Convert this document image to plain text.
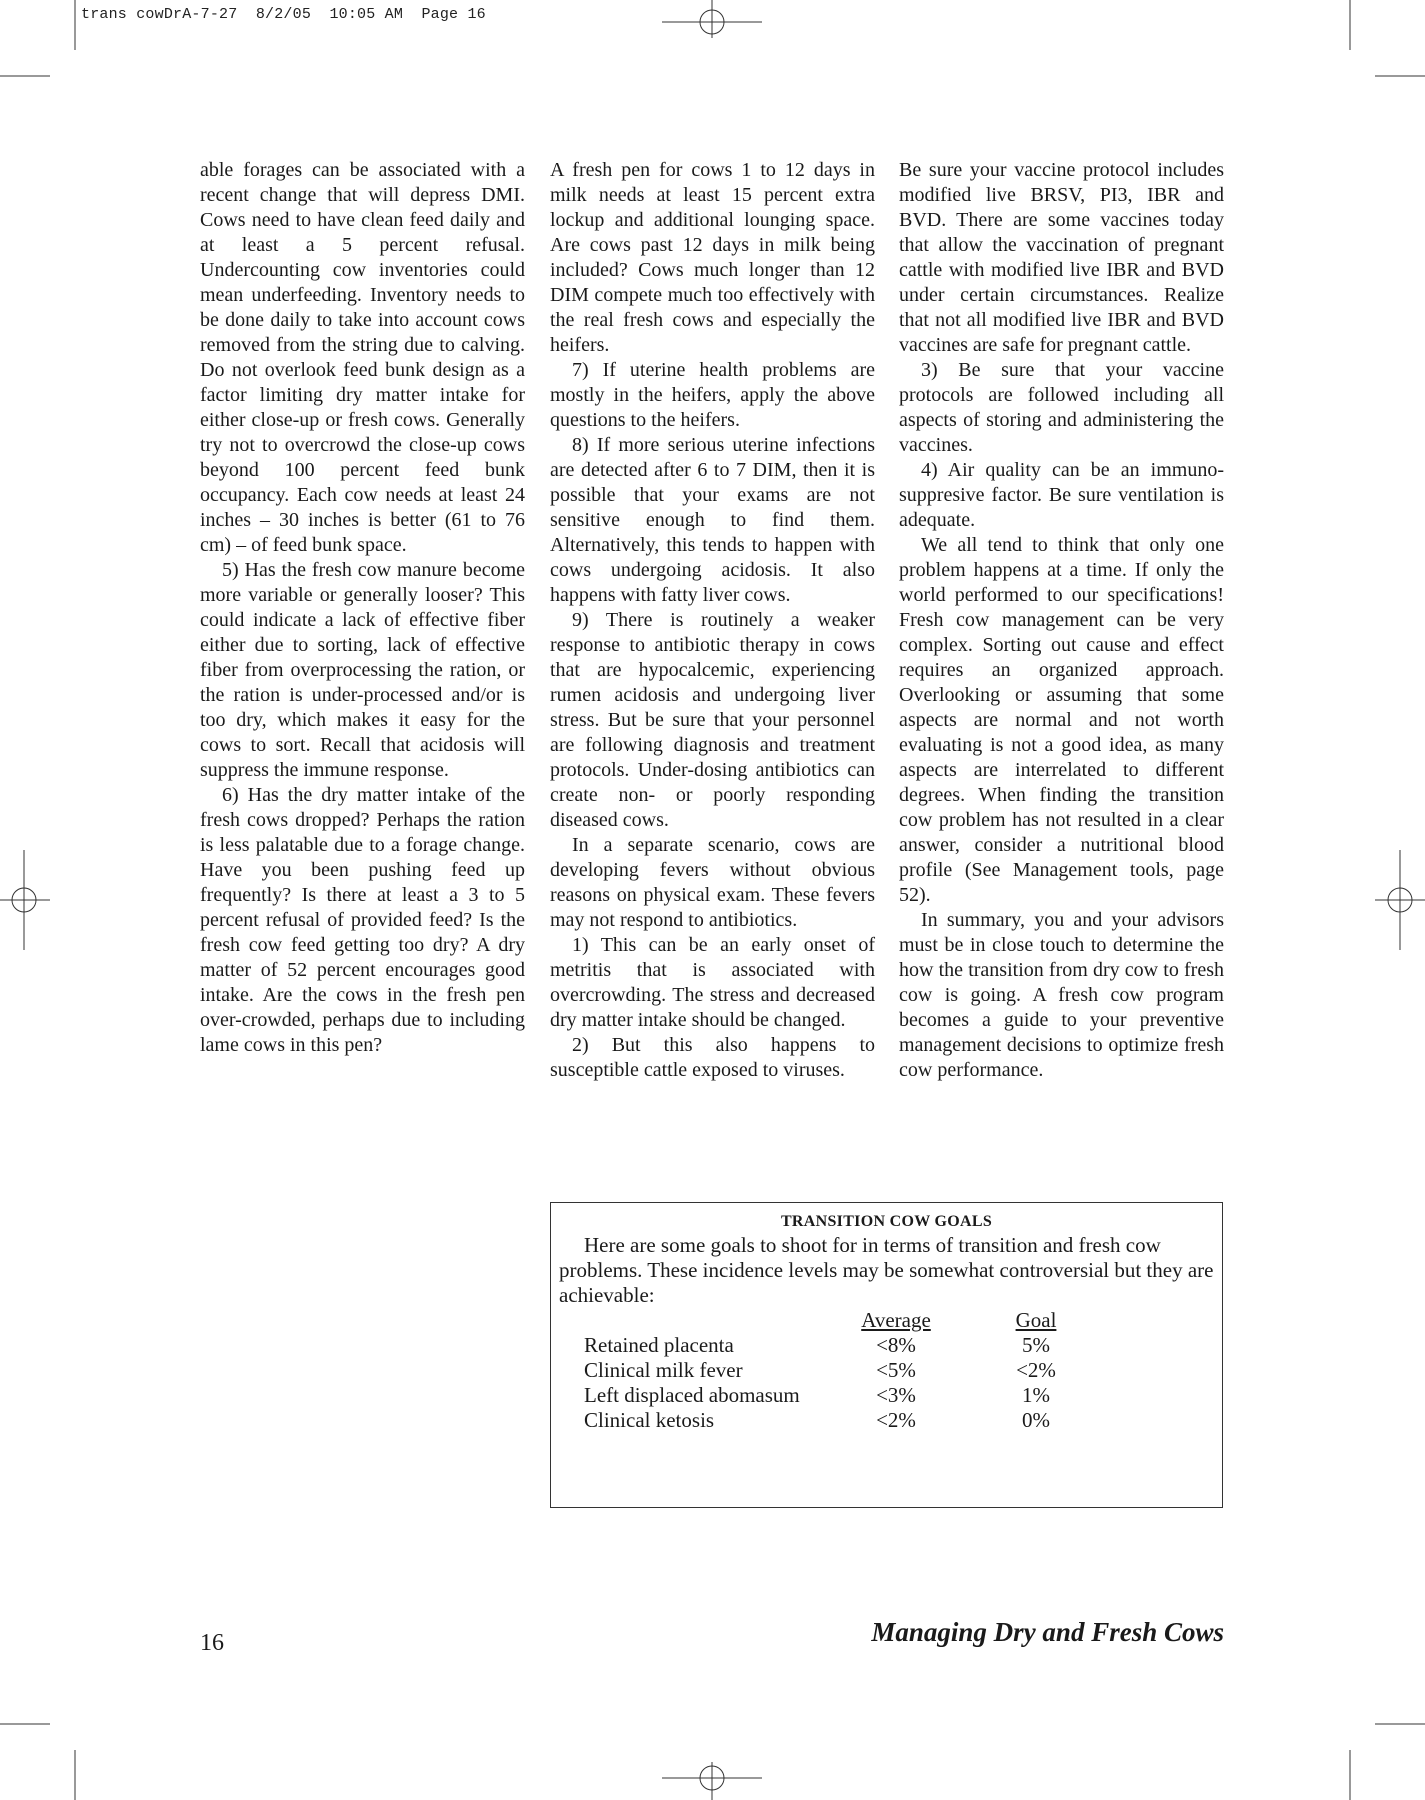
trans cowDrA-7-27  8/2/05  10:05 AM  Page 16

able forages can be associated with a recent change that will depress DMI. Cows need to have clean feed daily and at least a 5 percent refusal. Undercounting cow inventories could mean underfeeding. Inventory needs to be done daily to take into account cows removed from the string due to calving. Do not overlook feed bunk design as a factor limiting dry matter intake for either close-up or fresh cows. Generally try not to overcrowd the close-up cows beyond 100 percent feed bunk occupancy. Each cow needs at least 24 inches – 30 inches is better (61 to 76 cm) – of feed bunk space.

5) Has the fresh cow manure become more variable or generally looser? This could indicate a lack of effective fiber either due to sorting, lack of effective fiber from overprocessing the ration, or the ration is under-processed and/or is too dry, which makes it easy for the cows to sort. Recall that acidosis will suppress the immune response.

6) Has the dry matter intake of the fresh cows dropped? Perhaps the ration is less palatable due to a forage change. Have you been pushing feed up frequently? Is there at least a 3 to 5 percent refusal of provided feed? Is the fresh cow feed getting too dry? A dry matter of 52 percent encourages good intake. Are the cows in the fresh pen over-crowded, perhaps due to including lame cows in this pen?

A fresh pen for cows 1 to 12 days in milk needs at least 15 percent extra lockup and additional lounging space. Are cows past 12 days in milk being included? Cows much longer than 12 DIM compete much too effectively with the real fresh cows and especially the heifers.

7) If uterine health problems are mostly in the heifers, apply the above questions to the heifers.

8) If more serious uterine infections are detected after 6 to 7 DIM, then it is possible that your exams are not sensitive enough to find them. Alternatively, this tends to happen with cows undergoing acidosis. It also happens with fatty liver cows.

9) There is routinely a weaker response to antibiotic therapy in cows that are hypocalcemic, experiencing rumen acidosis and undergoing liver stress. But be sure that your personnel are following diagnosis and treatment protocols. Under-dosing antibiotics can create non- or poorly responding diseased cows.

In a separate scenario, cows are developing fevers without obvious reasons on physical exam. These fevers may not respond to antibiotics.

1) This can be an early onset of metritis that is associated with overcrowding. The stress and decreased dry matter intake should be changed.

2) But this also happens to susceptible cattle exposed to viruses.

Be sure your vaccine protocol includes modified live BRSV, PI3, IBR and BVD. There are some vaccines today that allow the vaccination of pregnant cattle with modified live IBR and BVD under certain circumstances. Realize that not all modified live IBR and BVD vaccines are safe for pregnant cattle.

3) Be sure that your vaccine protocols are followed including all aspects of storing and administering the vaccines.

4) Air quality can be an immuno-suppresive factor. Be sure ventilation is adequate.

We all tend to think that only one problem happens at a time. If only the world performed to our specifications! Fresh cow management can be very complex. Sorting out cause and effect requires an organized approach. Overlooking or assuming that some aspects are normal and not worth evaluating is not a good idea, as many aspects are interrelated to different degrees. When finding the transition cow problem has not resulted in a clear answer, consider a nutritional blood profile (See Management tools, page 52).

In summary, you and your advisors must be in close touch to determine the how the transition from dry cow to fresh cow is going. A fresh cow program becomes a guide to your preventive management decisions to optimize fresh cow performance.

TRANSITION COW GOALS

Here are some goals to shoot for in terms of transition and fresh cow problems. These incidence levels may be somewhat controversial but they are achievable:

	Average		Goal
Retained placenta	<8%		5%
Clinical milk fever	<5%		<2%
Left displaced abomasum	<3%		1%
Clinical ketosis	<2%		0%
16	Managing Dry and Fresh Cows
